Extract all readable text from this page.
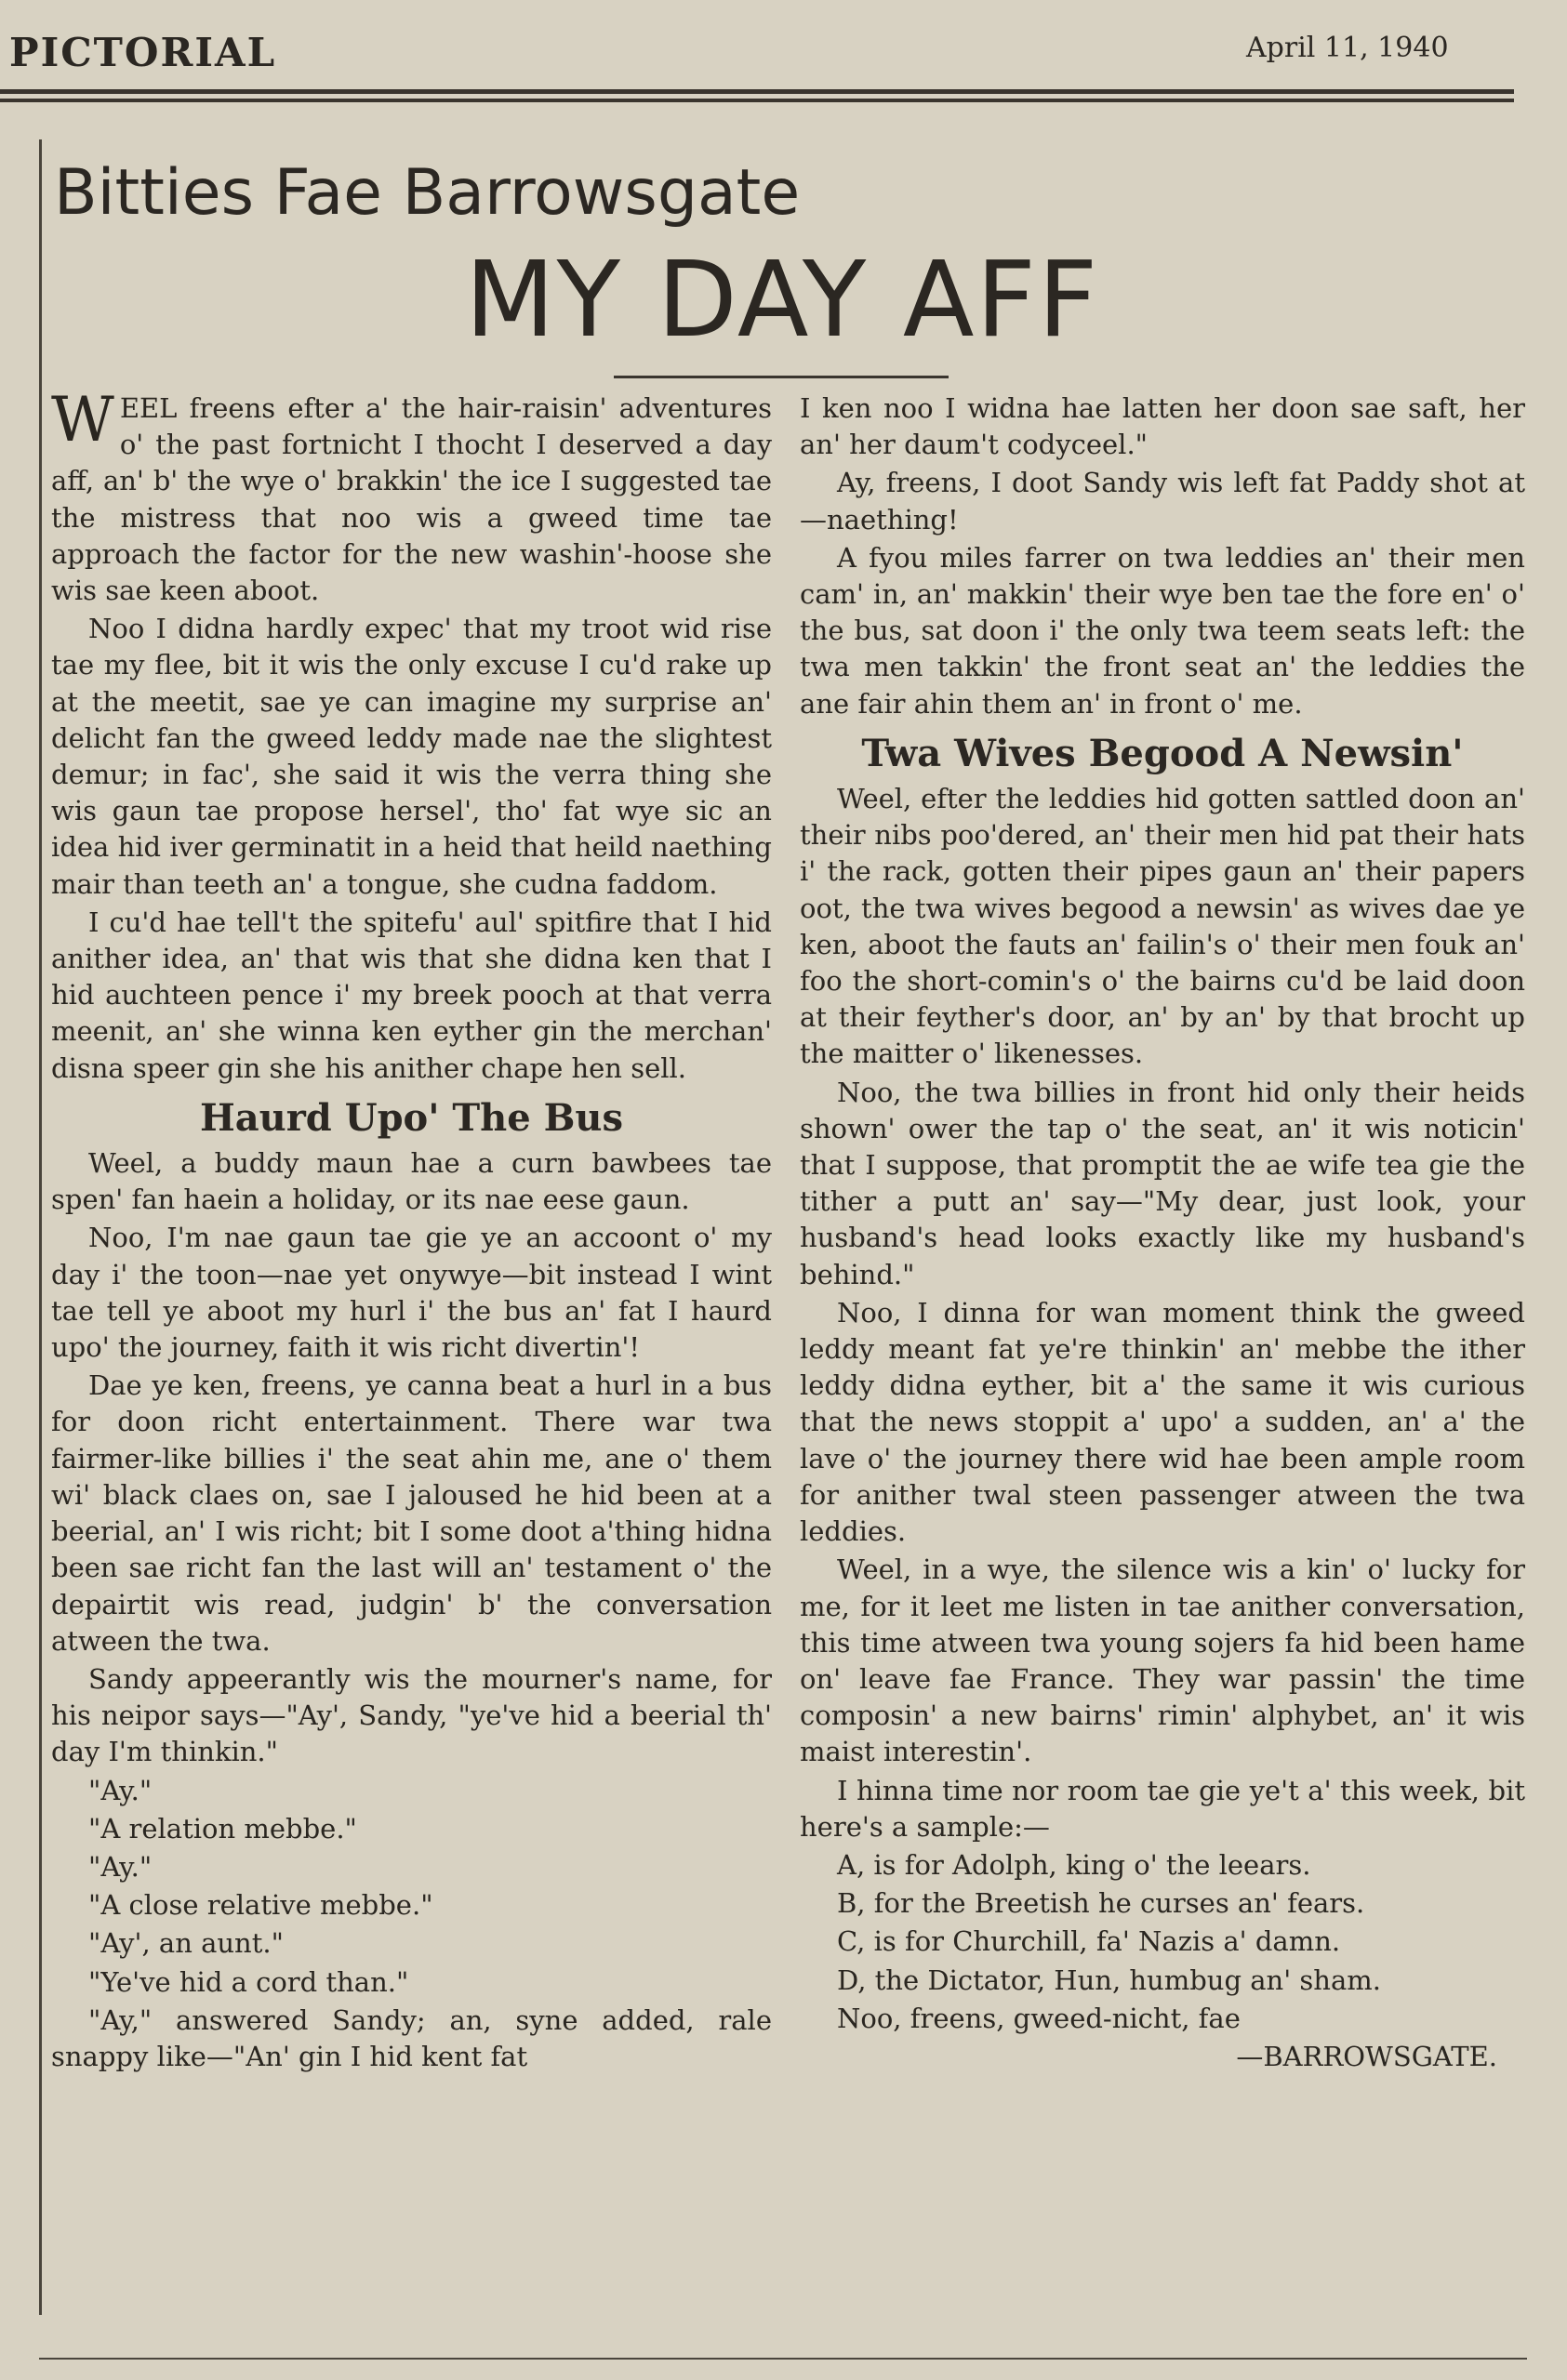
PICTORIAL	April 11, 1940
Bitties Fae Barrowsgate
MY DAY AFF

WEEL freens efter a' the hair-raisin' adventures o' the past fortnicht I thocht I deserved a day aff, an' b' the wye o' brakkin' the ice I suggested tae the mistress that noo wis a gweed time tae approach the factor for the new washin'-hoose she wis sae keen aboot.

Noo I didna hardly expec' that my troot wid rise tae my flee, bit it wis the only excuse I cu'd rake up at the meetit, sae ye can imagine my surprise an' delicht fan the gweed leddy made nae the slightest demur; in fac', she said it wis the verra thing she wis gaun tae propose hersel', tho' fat wye sic an idea hid iver germinatit in a heid that heild naething mair than teeth an' a tongue, she cudna faddom.

I cu'd hae tell't the spitefu' aul' spitfire that I hid anither idea, an' that wis that she didna ken that I hid auchteen pence i' my breek pooch at that verra meenit, an' she winna ken eyther gin the merchan' disna speer gin she his anither chape hen sell.

Haurd Upo' The Bus

Weel, a buddy maun hae a curn bawbees tae spen' fan haein a holiday, or its nae eese gaun.

Noo, I'm nae gaun tae gie ye an accoont o' my day i' the toon—nae yet onywye—bit instead I wint tae tell ye aboot my hurl i' the bus an' fat I haurd upo' the journey, faith it wis richt divertin'!

Dae ye ken, freens, ye canna beat a hurl in a bus for doon richt entertainment. There war twa fairmer-like billies i' the seat ahin me, ane o' them wi' black claes on, sae I jaloused he hid been at a beerial, an' I wis richt; bit I some doot a'thing hidna been sae richt fan the last will an' testament o' the depairtit wis read, judgin' b' the conversation atween the twa.

Sandy appeerantly wis the mourner's name, for his neipor says—"Ay', Sandy, "ye've hid a beerial th' day I'm thinkin."

"Ay."

"A relation mebbe."

"Ay."

"A close relative mebbe."

"Ay', an aunt."

"Ye've hid a cord than."

"Ay," answered Sandy; an, syne added, rale snappy like—"An' gin I hid kent fat

I ken noo I widna hae latten her doon sae saft, her an' her daum't codyceel."

Ay, freens, I doot Sandy wis left fat Paddy shot at—naething!

A fyou miles farrer on twa leddies an' their men cam' in, an' makkin' their wye ben tae the fore en' o' the bus, sat doon i' the only twa teem seats left: the twa men takkin' the front seat an' the leddies the ane fair ahin them an' in front o' me.

Twa Wives Begood A Newsin'

Weel, efter the leddies hid gotten sattled doon an' their nibs poo'dered, an' their men hid pat their hats i' the rack, gotten their pipes gaun an' their papers oot, the twa wives begood a newsin' as wives dae ye ken, aboot the fauts an' failin's o' their men fouk an' foo the short-comin's o' the bairns cu'd be laid doon at their feyther's door, an' by an' by that brocht up the maitter o' likenesses.

Noo, the twa billies in front hid only their heids shown' ower the tap o' the seat, an' it wis noticin' that I suppose, that promptit the ae wife tea gie the tither a putt an' say—"My dear, just look, your husband's head looks exactly like my husband's behind."

Noo, I dinna for wan moment think the gweed leddy meant fat ye're thinkin' an' mebbe the ither leddy didna eyther, bit a' the same it wis curious that the news stoppit a' upo' a sudden, an' a' the lave o' the journey there wid hae been ample room for anither twal steen passenger atween the twa leddies.

Weel, in a wye, the silence wis a kin' o' lucky for me, for it leet me listen in tae anither conversation, this time atween twa young sojers fa hid been hame on' leave fae France. They war passin' the time composin' a new bairns' rimin' alphybet, an' it wis maist interestin'.

I hinna time nor room tae gie ye't a' this week, bit here's a sample:—

A, is for Adolph, king o' the leears.

B, for the Breetish he curses an' fears.

C, is for Churchill, fa' Nazis a' damn.

D, the Dictator, Hun, humbug an' sham.

Noo, freens, gweed-nicht, fae

—BARROWSGATE.
